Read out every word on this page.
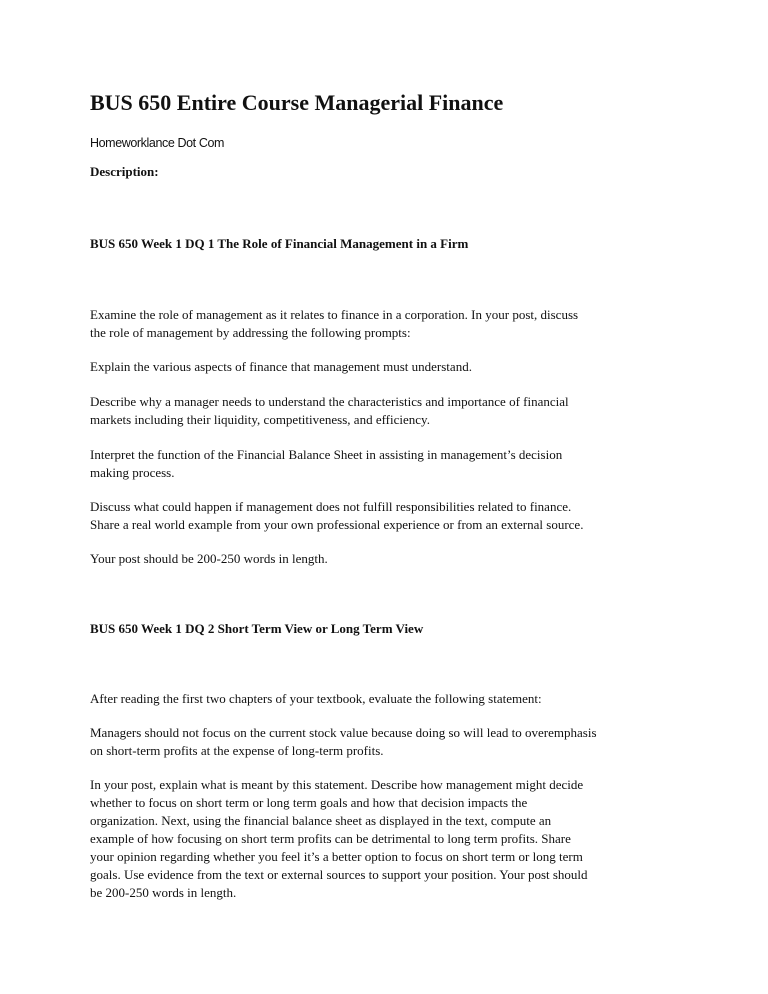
BUS 650 Entire Course Managerial Finance

Homeworklance Dot Com

Description:

BUS 650 Week 1 DQ 1 The Role of Financial Management in a Firm

Examine the role of management as it relates to finance in a corporation. In your post, discuss
the role of management by addressing the following prompts:

Explain the various aspects of finance that management must understand.

Describe why a manager needs to understand the characteristics and importance of financial
markets including their liquidity, competitiveness, and efficiency.

Interpret the function of the Financial Balance Sheet in assisting in management’s decision
making process.

Discuss what could happen if management does not fulfill responsibilities related to finance.
Share a real world example from your own professional experience or from an external source.

Your post should be 200-250 words in length.

BUS 650 Week 1 DQ 2 Short Term View or Long Term View

After reading the first two chapters of your textbook, evaluate the following statement:

Managers should not focus on the current stock value because doing so will lead to overemphasis
on short-term profits at the expense of long-term profits.

In your post, explain what is meant by this statement. Describe how management might decide
whether to focus on short term or long term goals and how that decision impacts the
organization. Next, using the financial balance sheet as displayed in the text, compute an
example of how focusing on short term profits can be detrimental to long term profits. Share
your opinion regarding whether you feel it’s a better option to focus on short term or long term
goals. Use evidence from the text or external sources to support your position. Your post should
be 200-250 words in length.
